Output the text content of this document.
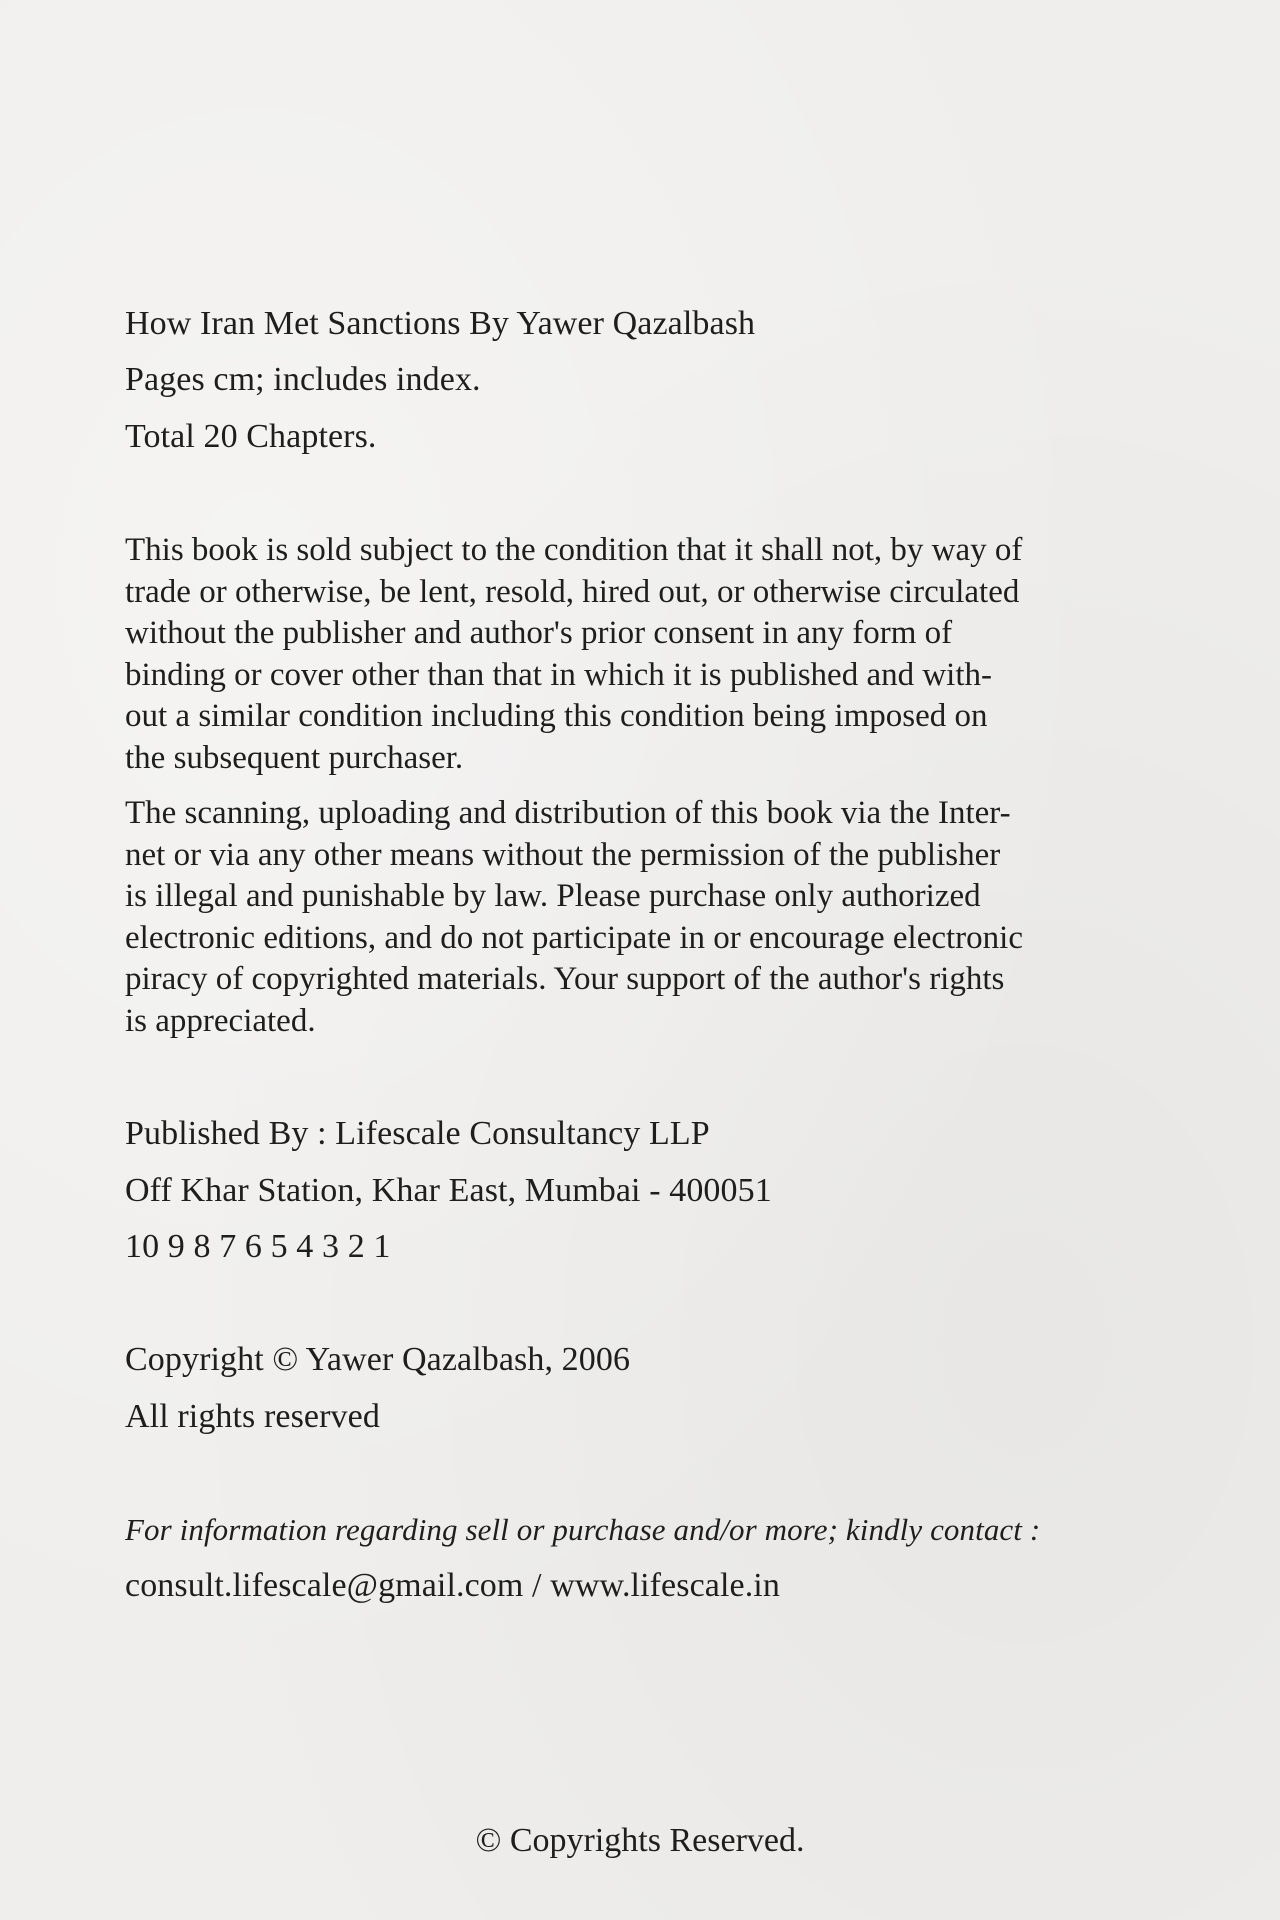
How Iran Met Sanctions By Yawer Qazalbash
Pages cm; includes index.
Total 20 Chapters.
This book is sold subject to the condition that it shall not, by way of
trade or otherwise, be lent, resold, hired out, or otherwise circulated
without the publisher and author's prior consent in any form of
binding or cover other than that in which it is published and with-
out a similar condition including this condition being imposed on
the subsequent purchaser.
The scanning, uploading and distribution of this book via the Inter-
net or via any other means without the permission of the publisher
is illegal and punishable by law. Please purchase only authorized
electronic editions, and do not participate in or encourage electronic
piracy of copyrighted materials. Your support of the author's rights
is appreciated.
Published By : Lifescale Consultancy LLP
Off Khar Station, Khar East, Mumbai - 400051
10 9 8 7 6 5 4 3 2 1
Copyright © Yawer Qazalbash, 2006
All rights reserved
For information regarding sell or purchase and/or more; kindly contact :
consult.lifescale@gmail.com / www.lifescale.in
© Copyrights Reserved.
